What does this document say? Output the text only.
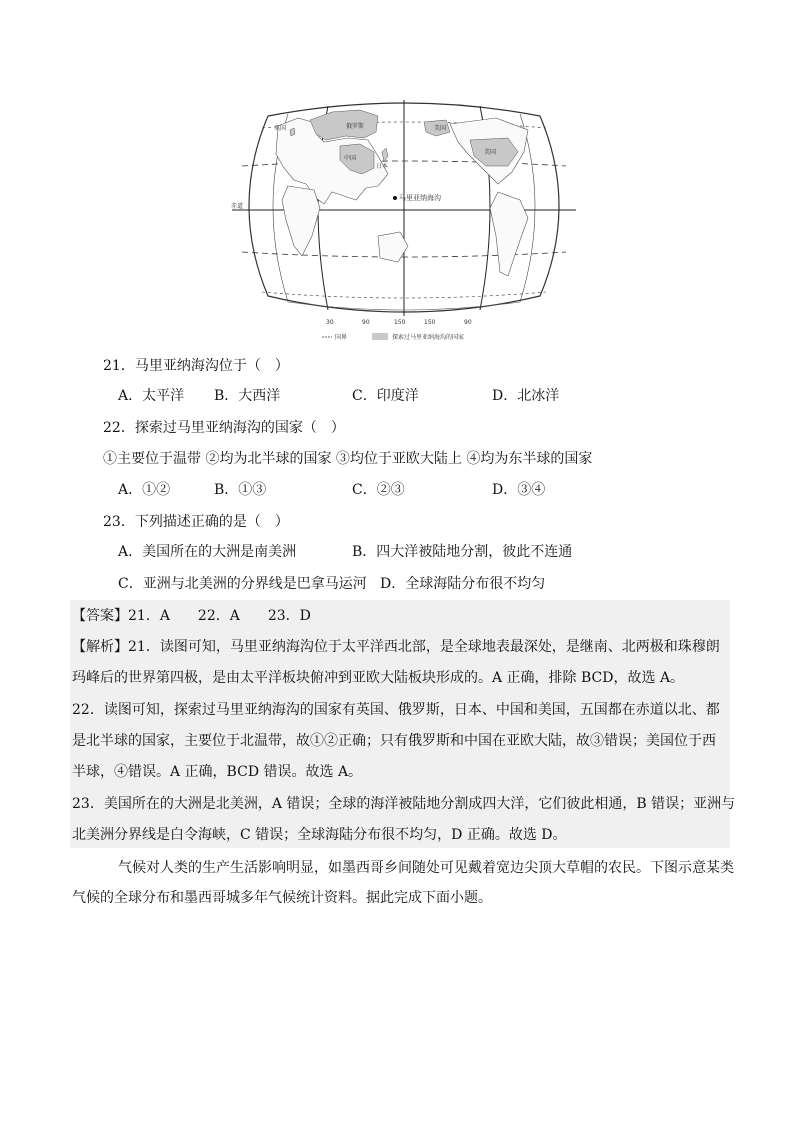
英国	俄罗斯	美国
美国
中国
日本
马里亚纳海沟
赤道
30	90	150	150	90
国界	探索过马里亚纳海沟的国家
21．马里亚纳海沟位于（　）
A．太平洋 B．大西洋	C．印度洋	D．北冰洋
22．探索过马里亚纳海沟的国家（　）
①主要位于温带 ②均为北半球的国家 ③均位于亚欧大陆上 ④均为东半球的国家
A．①②	B．①③	C．②③	D．③④
23．下列描述正确的是（　）
A．美国所在的大洲是南美洲	B．四大洋被陆地分割，彼此不连通
C．亚洲与北美洲的分界线是巴拿马运河 D．全球海陆分布很不均匀
【答案】21．A　　22．A　　23．D
【解析】21．读图可知，马里亚纳海沟位于太平洋西北部，是全球地表最深处，是继南、北两极和珠穆朗
玛峰后的世界第四极，是由太平洋板块俯冲到亚欧大陆板块形成的。A 正确，排除 BCD，故选 A。
22．读图可知，探索过马里亚纳海沟的国家有英国、俄罗斯，日本、中国和美国，五国都在赤道以北、都
是北半球的国家，主要位于北温带，故①②正确；只有俄罗斯和中国在亚欧大陆，故③错误；美国位于西
半球，④错误。A 正确，BCD 错误。故选 A。
23．美国所在的大洲是北美洲，A 错误；全球的海洋被陆地分割成四大洋，它们彼此相通，B 错误；亚洲与
北美洲分界线是白令海峡，C 错误；全球海陆分布很不均匀，D 正确。故选 D。
气候对人类的生产生活影响明显，如墨西哥乡间随处可见戴着宽边尖顶大草帽的农民。下图示意某类
气候的全球分布和墨西哥城多年气候统计资料。据此完成下面小题。
